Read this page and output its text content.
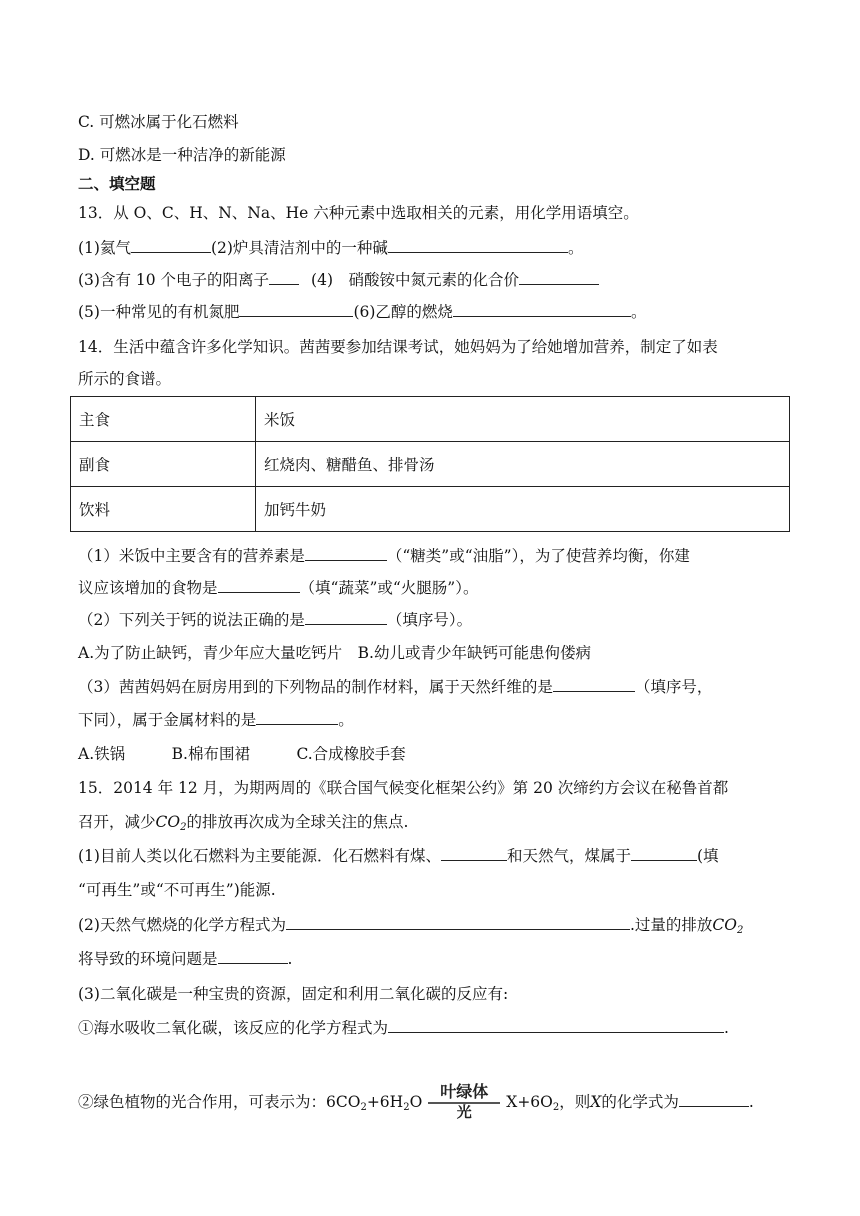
C. 可燃冰属于化石燃料
D. 可燃冰是一种洁净的新能源
二、填空题
13．从 O、C、H、N、Na、He 六种元素中选取相关的元素，用化学用语填空。
(1)氦气	(2)炉具清洁剂中的一种碱	。
(3)含有 10 个电子的阳离子	(4)　硝酸铵中氮元素的化合价
(5)一种常见的有机氮肥	(6)乙醇的燃烧	。
14．生活中蕴含许多化学知识。茜茜要参加结课考试，她妈妈为了给她增加营养，制定了如表
所示的食谱。
主食	米饭
副食	红烧肉、糖醋鱼、排骨汤
饮料	加钙牛奶
（1）米饭中主要含有的营养素是	（“糖类”或“油脂”），为了使营养均衡，你建
议应该增加的食物是	（填“蔬菜”或“火腿肠”）。
（2）下列关于钙的说法正确的是	（填序号）。
A.为了防止缺钙，青少年应大量吃钙片　B.幼儿或青少年缺钙可能患佝偻病
（3）茜茜妈妈在厨房用到的下列物品的制作材料，属于天然纤维的是	（填序号，
下同），属于金属材料的是	。
A.铁锅　　　B.棉布围裙　　　C.合成橡胶手套
15．2014 年 12 月，为期两周的《联合国气候变化框架公约》第 20 次缔约方会议在秘鲁首都
召开，减少$CO_2$的排放再次成为全球关注的焦点.
(1)目前人类以化石燃料为主要能源．化石燃料有煤、	和天然气，煤属于	(填
“可再生”或“不可再生”)能源.
(2)天然气燃烧的化学方程式为	.过量的排放$CO_2$
将导致的环境问题是	.
(3)二氧化碳是一种宝贵的资源，固定和利用二氧化碳的反应有:
①海水吸收二氧化碳，该反应的化学方程式为	.
②绿色植物的光合作用，可表示为：$6CO_2+6H_2O$
叶绿体
光
$X+6O_2$，则X的化学式为	.
